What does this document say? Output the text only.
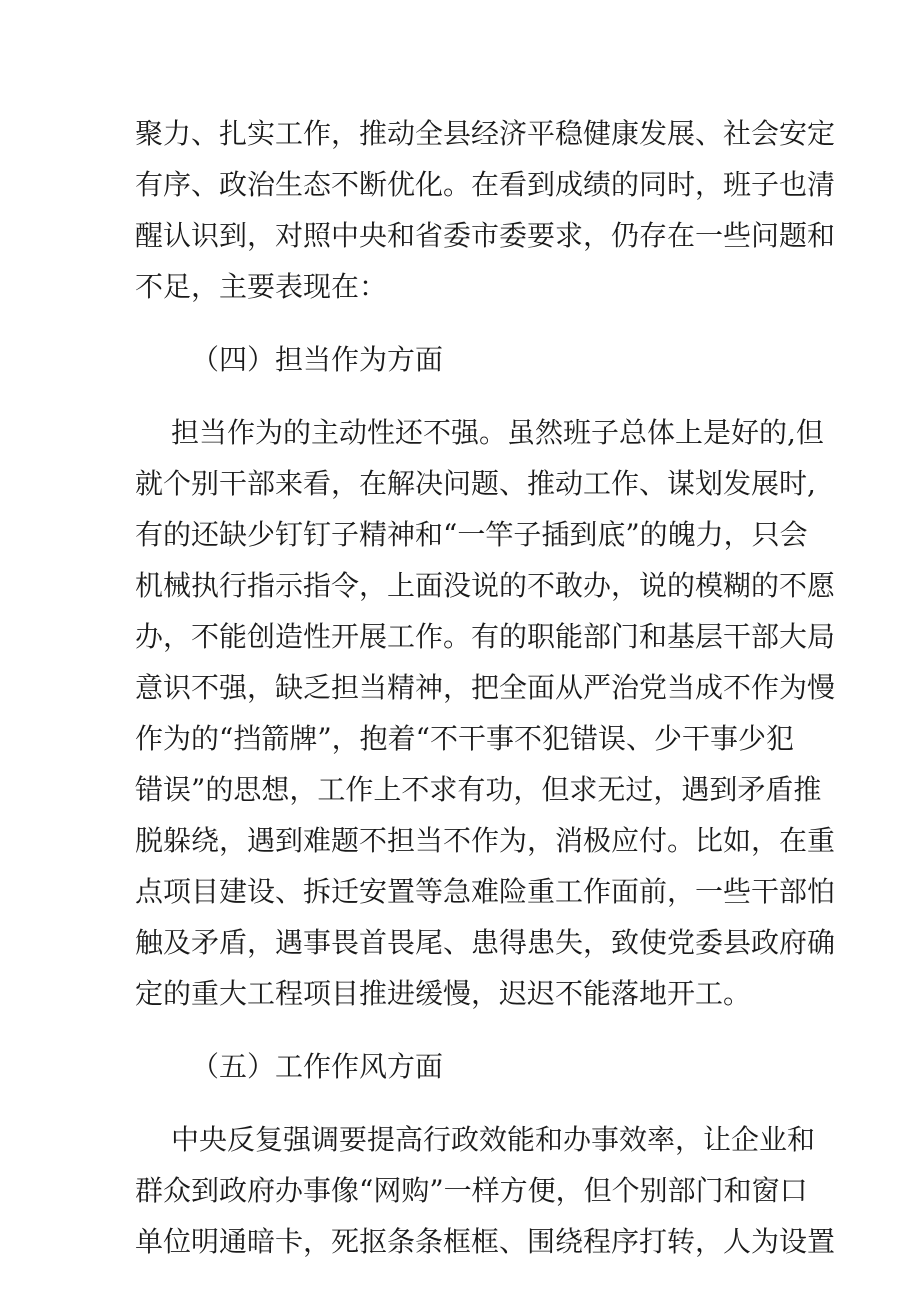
聚力、扎实工作，推动全县经济平稳健康发展、社会安定
有序、政治生态不断优化。在看到成绩的同时，班子也清
醒认识到，对照中央和省委市委要求，仍存在一些问题和
不足，主要表现在：
（四）担当作为方面
担当作为的主动性还不强。虽然班子总体上是好的,但
就个别干部来看，在解决问题、推动工作、谋划发展时,
有的还缺少钉钉子精神和“一竿子插到底”的魄力，只会
机械执行指示指令，上面没说的不敢办，说的模糊的不愿
办，不能创造性开展工作。有的职能部门和基层干部大局
意识不强，缺乏担当精神，把全面从严治党当成不作为慢
作为的“挡箭牌”，抱着“不干事不犯错误、少干事少犯
错误”的思想，工作上不求有功，但求无过，遇到矛盾推
脱躲绕，遇到难题不担当不作为，消极应付。比如，在重
点项目建设、拆迁安置等急难险重工作面前，一些干部怕
触及矛盾，遇事畏首畏尾、患得患失，致使党委县政府确
定的重大工程项目推进缓慢，迟迟不能落地开工。
（五）工作作风方面
中央反复强调要提高行政效能和办事效率，让企业和
群众到政府办事像“网购”一样方便，但个别部门和窗口
单位明通暗卡，死抠条条框框、围绕程序打转，人为设置
